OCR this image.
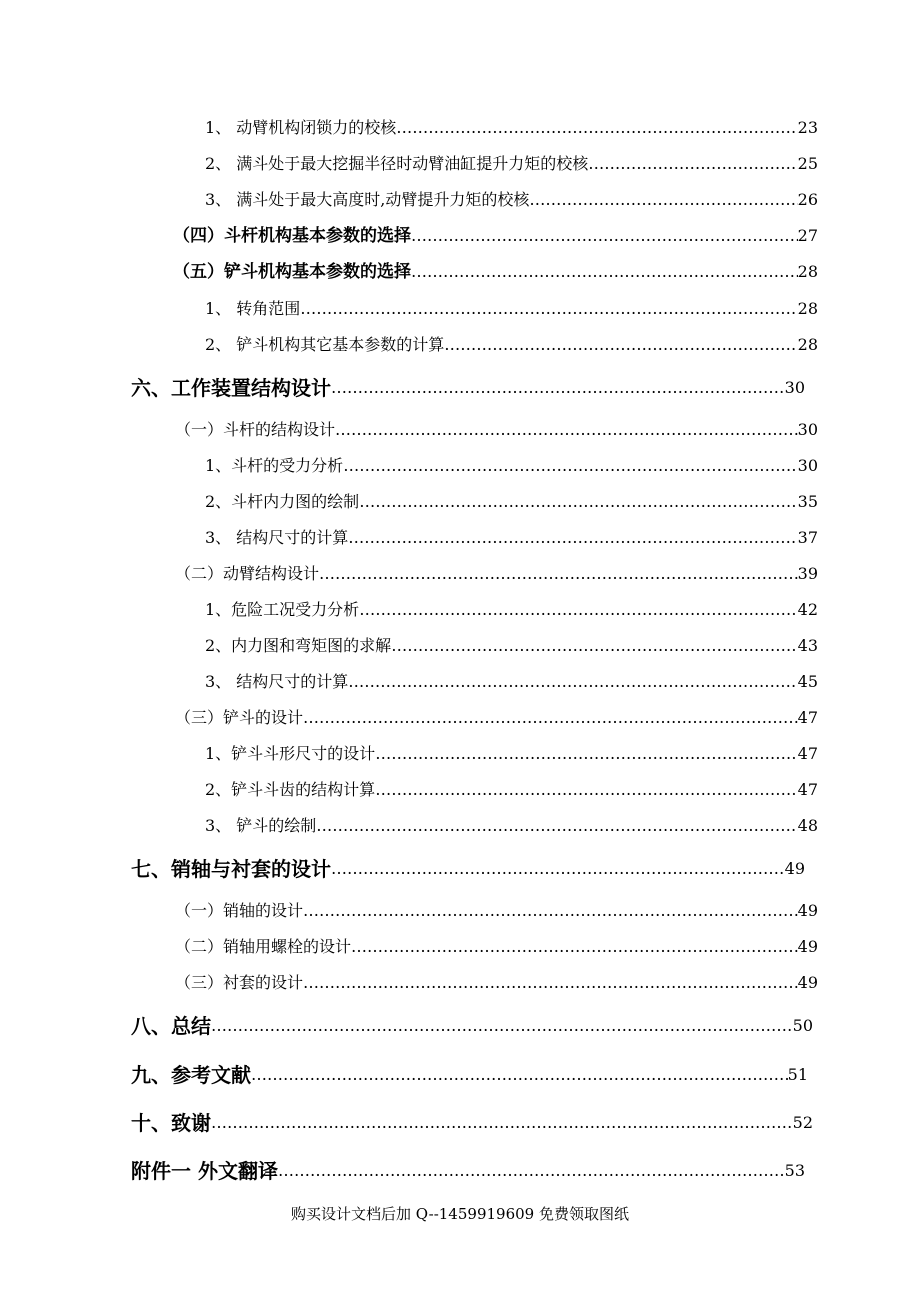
1、 动臂机构闭锁力的校核 …………………………………………………………………………………………………………………………………………………………………………………………………………………………………………	23
2、 满斗处于最大挖掘半径时动臂油缸提升力矩的校核 …………………………………………………………………………………………………………………………………………………………………………………………………………………………………………	25
3、 满斗处于最大高度时,动臂提升力矩的校核 …………………………………………………………………………………………………………………………………………………………………………………………………………………………………………	26
（四）斗杆机构基本参数的选择 …………………………………………………………………………………………………………………………………………………………………………………………………………………………………………	27
（五）铲斗机构基本参数的选择 …………………………………………………………………………………………………………………………………………………………………………………………………………………………………………	28
1、 转角范围 …………………………………………………………………………………………………………………………………………………………………………………………………………………………………………	28
2、 铲斗机构其它基本参数的计算 …………………………………………………………………………………………………………………………………………………………………………………………………………………………………………	28
六、工作装置结构设计 …………………………………………………………………………………………………………………………………………………………………………………………………………………………………………	30
（一）斗杆的结构设计 …………………………………………………………………………………………………………………………………………………………………………………………………………………………………………	30
1、斗杆的受力分析 …………………………………………………………………………………………………………………………………………………………………………………………………………………………………………	30
2、斗杆内力图的绘制 …………………………………………………………………………………………………………………………………………………………………………………………………………………………………………	35
3、 结构尺寸的计算 …………………………………………………………………………………………………………………………………………………………………………………………………………………………………………	37
（二）动臂结构设计 …………………………………………………………………………………………………………………………………………………………………………………………………………………………………………	39
1、危险工况受力分析 …………………………………………………………………………………………………………………………………………………………………………………………………………………………………………	42
2、内力图和弯矩图的求解 …………………………………………………………………………………………………………………………………………………………………………………………………………………………………………	43
3、 结构尺寸的计算 …………………………………………………………………………………………………………………………………………………………………………………………………………………………………………	45
（三）铲斗的设计 …………………………………………………………………………………………………………………………………………………………………………………………………………………………………………	47
1、铲斗斗形尺寸的设计 …………………………………………………………………………………………………………………………………………………………………………………………………………………………………………	47
2、铲斗斗齿的结构计算 …………………………………………………………………………………………………………………………………………………………………………………………………………………………………………	47
3、 铲斗的绘制 …………………………………………………………………………………………………………………………………………………………………………………………………………………………………………	48
七、销轴与衬套的设计 …………………………………………………………………………………………………………………………………………………………………………………………………………………………………………	49
（一）销轴的设计 …………………………………………………………………………………………………………………………………………………………………………………………………………………………………………	49
（二）销轴用螺栓的设计 …………………………………………………………………………………………………………………………………………………………………………………………………………………………………………	49
（三）衬套的设计 …………………………………………………………………………………………………………………………………………………………………………………………………………………………………………	49
八、总结 …………………………………………………………………………………………………………………………………………………………………………………………………………………………………………	50
九、参考文献 …………………………………………………………………………………………………………………………………………………………………………………………………………………………………………	51
十、致谢 …………………………………………………………………………………………………………………………………………………………………………………………………………………………………………	52
附件一 外文翻译 …………………………………………………………………………………………………………………………………………………………………………………………………………………………………………	53
购买设计文档后加 Q--1459919609 免费领取图纸
